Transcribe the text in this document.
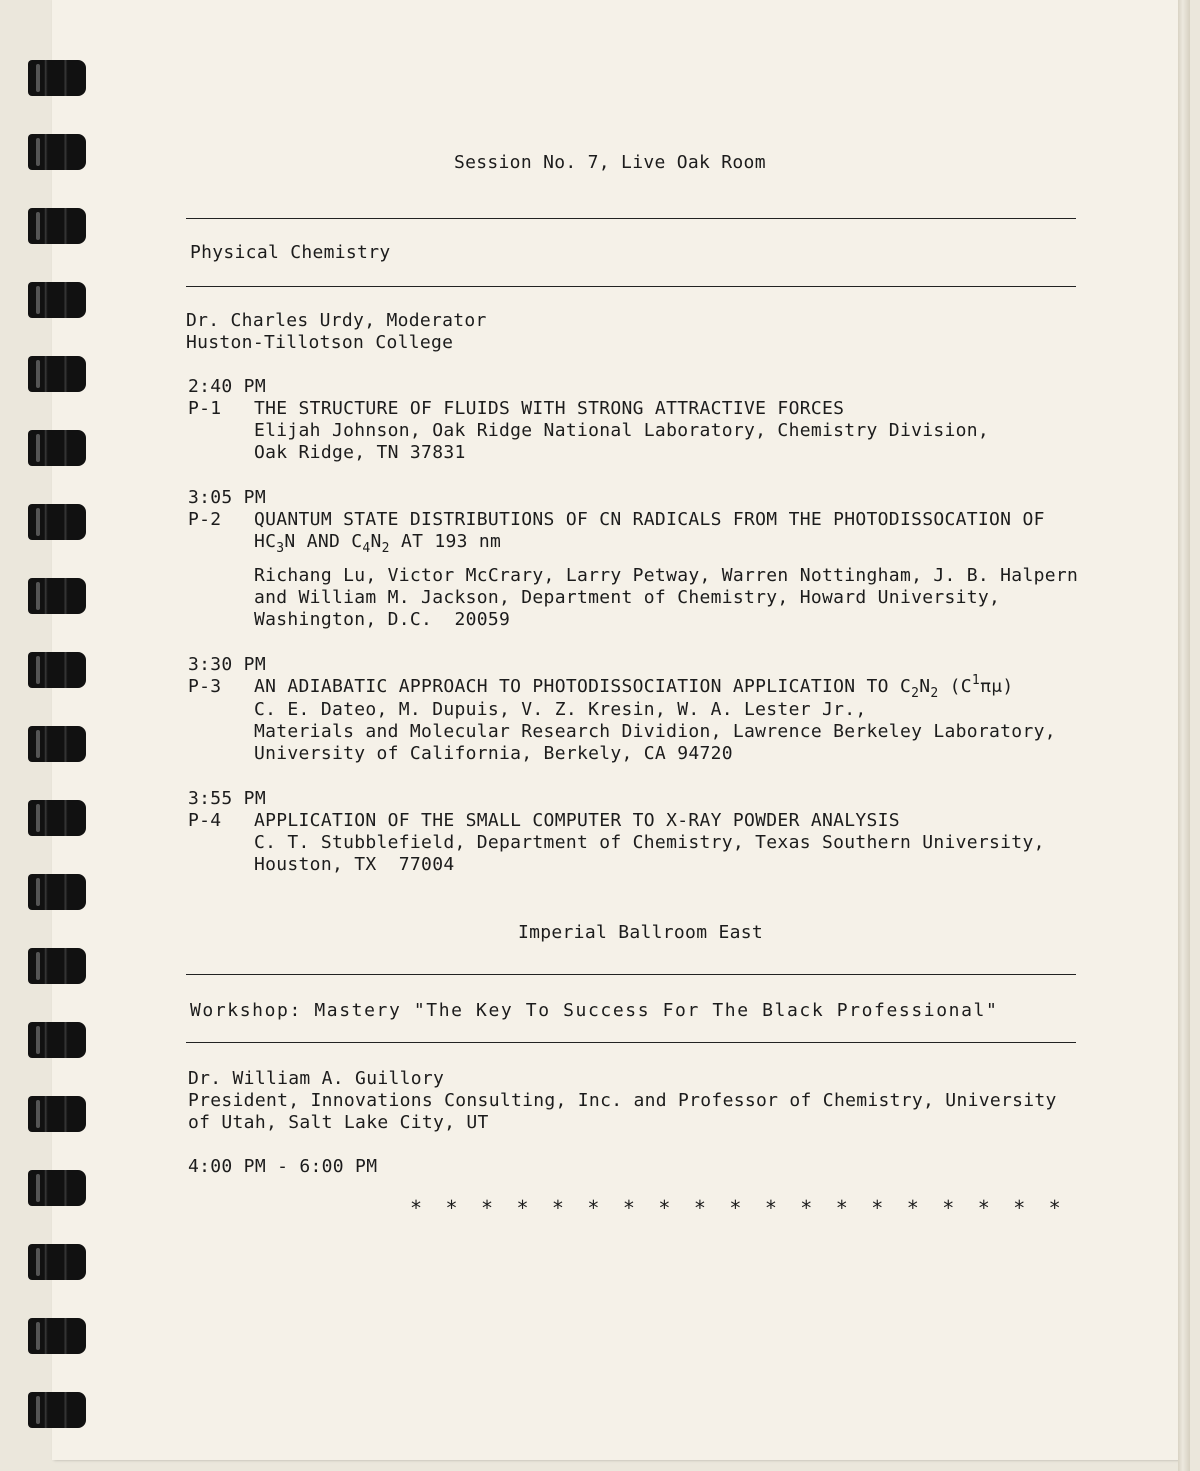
Session No. 7, Live Oak Room
Physical Chemistry
Dr. Charles Urdy, Moderator
Huston-Tillotson College
2:40 PM
P-1 THE STRUCTURE OF FLUIDS WITH STRONG ATTRACTIVE FORCES
Elijah Johnson, Oak Ridge National Laboratory, Chemistry Division,
Oak Ridge, TN 37831
3:05 PM
P-2 QUANTUM STATE DISTRIBUTIONS OF CN RADICALS FROM THE PHOTODISSOCATION OF
$HC_3N$ AND $C_4N_2$ AT 193 nm
Richang Lu, Victor McCrary, Larry Petway, Warren Nottingham, J. B. Halpern
and William M. Jackson, Department of Chemistry, Howard University,
Washington, D.C.  20059
3:30 PM
P-3 AN ADIABATIC APPROACH TO PHOTODISSOCIATION APPLICATION TO $C_2N_2$ $(C^1\pi\mu)$
C. E. Dateo, M. Dupuis, V. Z. Kresin, W. A. Lester Jr.,
Materials and Molecular Research Dividion, Lawrence Berkeley Laboratory,
University of California, Berkely, CA 94720
3:55 PM
P-4 APPLICATION OF THE SMALL COMPUTER TO X-RAY POWDER ANALYSIS
C. T. Stubblefield, Department of Chemistry, Texas Southern University,
Houston, TX  77004
Imperial Ballroom East
Workshop: Mastery "The Key To Success For The Black Professional"
Dr. William A. Guillory
President, Innovations Consulting, Inc. and Professor of Chemistry, University
of Utah, Salt Lake City, UT
4:00 PM - 6:00 PM
* * * * * * * * * * * * * * * * * * *
